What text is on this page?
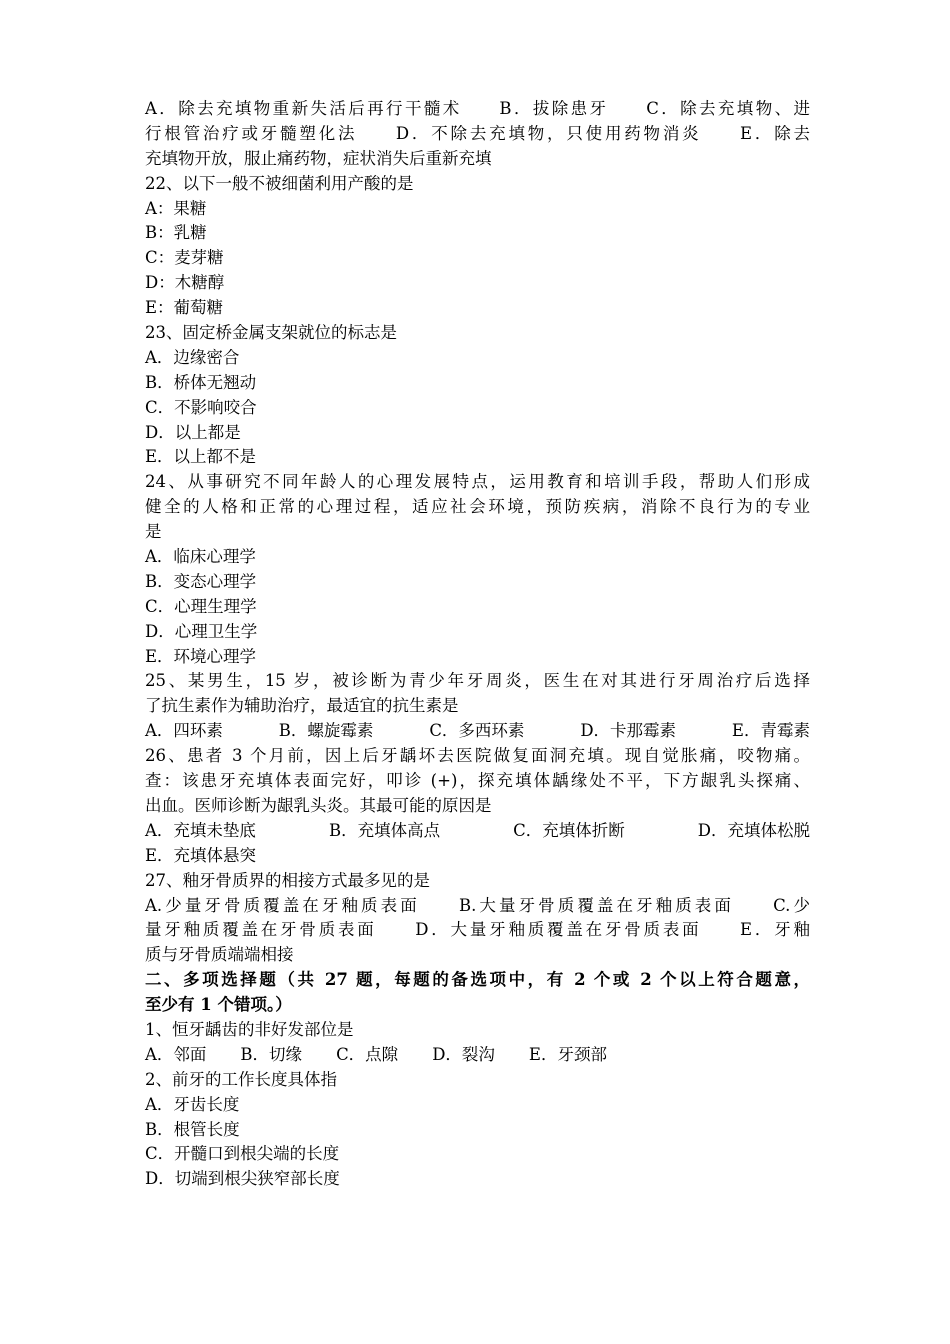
A．除去充填物重新失活后再行干髓术　　B．拔除患牙　　C．除去充填物、进
行根管治疗或牙髓塑化法　　D．不除去充填物，只使用药物消炎　　E．除去
充填物开放，服止痛药物，症状消失后重新充填
22、以下一般不被细菌利用产酸的是
A：果糖
B：乳糖
C：麦芽糖
D：木糖醇
E：葡萄糖
23、固定桥金属支架就位的标志是
A．边缘密合
B．桥体无翘动
C．不影响咬合
D．以上都是
E．以上都不是
24、从事研究不同年龄人的心理发展特点，运用教育和培训手段，帮助人们形成
健全的人格和正常的心理过程，适应社会环境，预防疾病，消除不良行为的专业
是
A．临床心理学
B．变态心理学
C．心理生理学
D．心理卫生学
E．环境心理学
25、某男生，15 岁，被诊断为青少年牙周炎，医生在对其进行牙周治疗后选择
了抗生素作为辅助治疗，最适宜的抗生素是
A．四环素	B．螺旋霉素	C．多西环素	D．卡那霉素	E．青霉素
26、患者 3 个月前，因上后牙龋坏去医院做复面洞充填。现自觉胀痛，咬物痛。
查：该患牙充填体表面完好，叩诊 (+)，探充填体龋缘处不平，下方龈乳头探痛、
出血。医师诊断为龈乳头炎。其最可能的原因是
A．充填未垫底	B．充填体高点	C．充填体折断	D．充填体松脱
E．充填体悬突
27、釉牙骨质界的相接方式最多见的是
A.少量牙骨质覆盖在牙釉质表面　　B.大量牙骨质覆盖在牙釉质表面　　C.少
量牙釉质覆盖在牙骨质表面　　D．大量牙釉质覆盖在牙骨质表面　　E．牙釉
质与牙骨质端端相接
二、多项选择题（共 27 题，每题的备选项中，有 2 个或 2 个以上符合题意，
至少有 1 个错项。）
1、恒牙龋齿的非好发部位是
A．邻面 B．切缘 C．点隙 D．裂沟 E．牙颈部
2、前牙的工作长度具体指
A．牙齿长度
B．根管长度
C．开髓口到根尖端的长度
D．切端到根尖狭窄部长度
